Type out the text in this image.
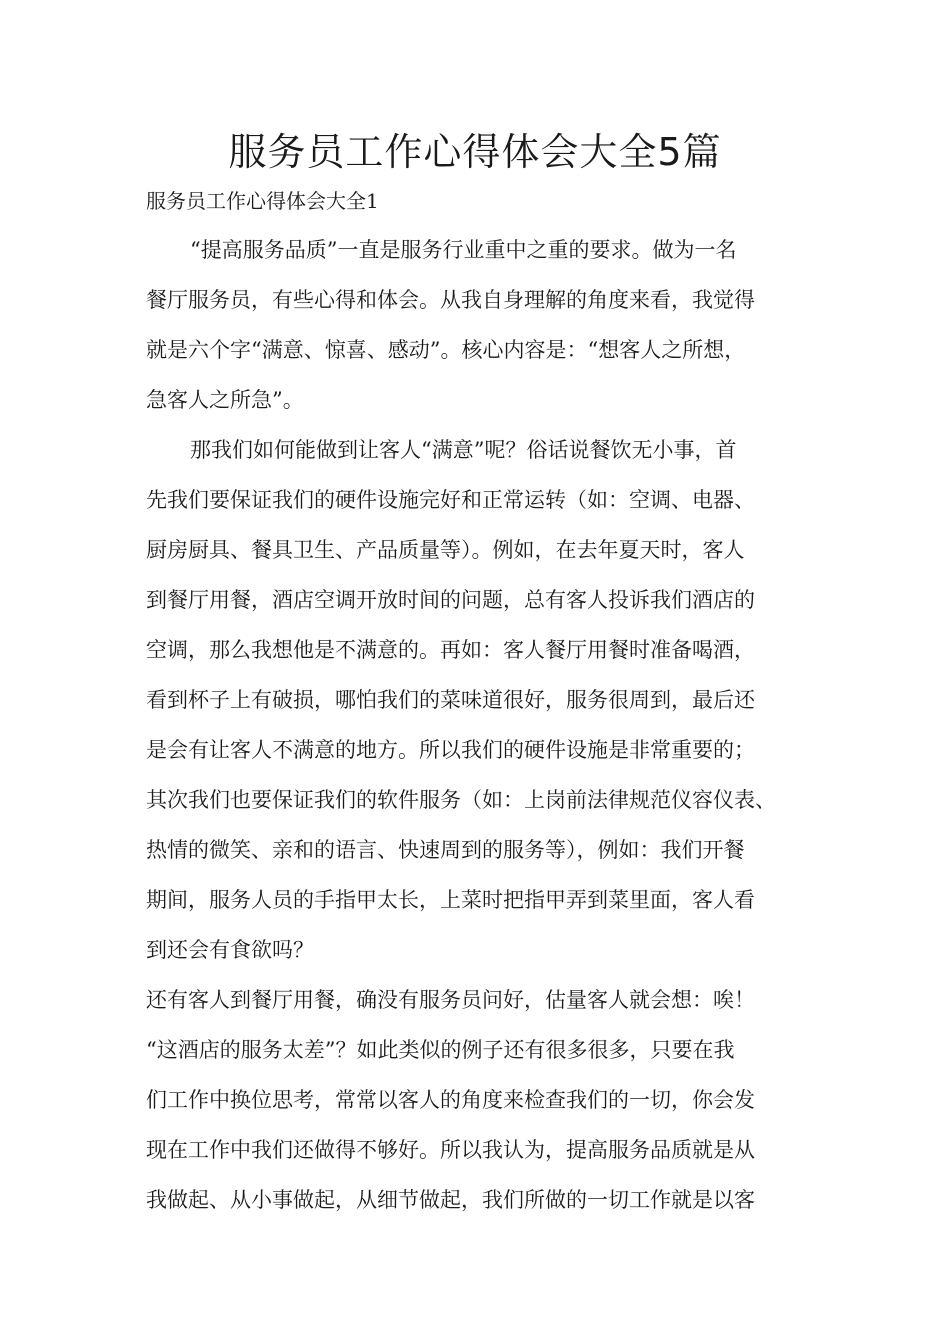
服务员工作心得体会大全5篇

服务员工作心得体会大全1

“提高服务品质”一直是服务行业重中之重的要求。做为一名

餐厅服务员，有些心得和体会。从我自身理解的角度来看，我觉得

就是六个字“满意、惊喜、感动”。核心内容是：“想客人之所想，

急客人之所急”。

那我们如何能做到让客人“满意”呢？俗话说餐饮无小事，首

先我们要保证我们的硬件设施完好和正常运转（如：空调、电器、

厨房厨具、餐具卫生、产品质量等）。例如，在去年夏天时，客人

到餐厅用餐，酒店空调开放时间的问题，总有客人投诉我们酒店的

空调，那么我想他是不满意的。再如：客人餐厅用餐时准备喝酒，

看到杯子上有破损，哪怕我们的菜味道很好，服务很周到，最后还

是会有让客人不满意的地方。所以我们的硬件设施是非常重要的；

其次我们也要保证我们的软件服务（如：上岗前法律规范仪容仪表、

热情的微笑、亲和的语言、快速周到的服务等），例如：我们开餐

期间，服务人员的手指甲太长，上菜时把指甲弄到菜里面，客人看

到还会有食欲吗？

还有客人到餐厅用餐，确没有服务员问好，估量客人就会想：唉！

“这酒店的服务太差”？如此类似的例子还有很多很多，只要在我

们工作中换位思考，常常以客人的角度来检查我们的一切，你会发

现在工作中我们还做得不够好。所以我认为，提高服务品质就是从

我做起、从小事做起，从细节做起，我们所做的一切工作就是以客
